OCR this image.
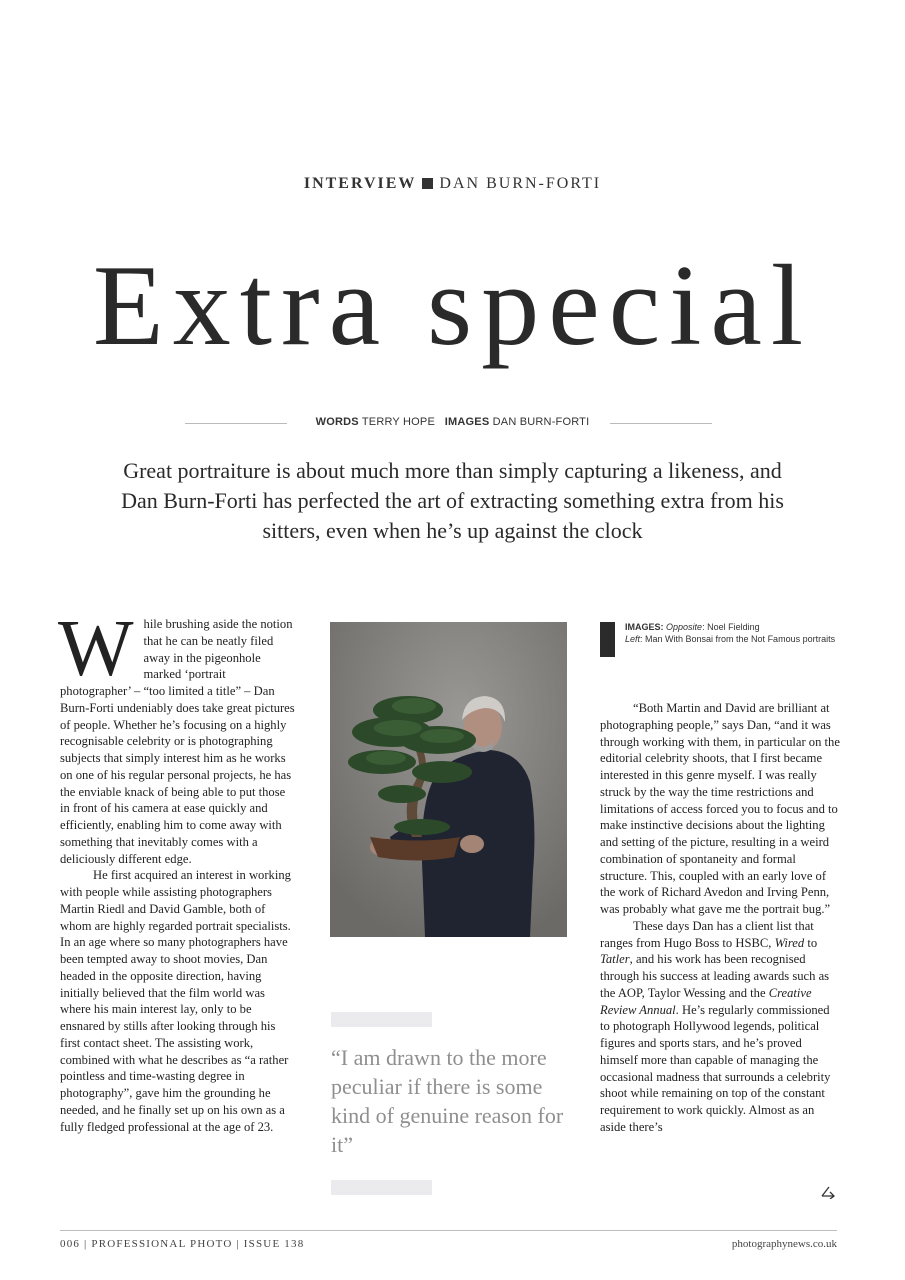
INTERVIEW DAN BURN-FORTI
Extra special
WORDS TERRY HOPE IMAGES DAN BURN-FORTI

Great portraiture is about much more than simply capturing a likeness, and Dan Burn-Forti has perfected the art of extracting something extra from his sitters, even when he’s up against the clock

While brushing aside the notion that he can be neatly filed away in the pigeonhole marked ‘portrait photographer’ – “too limited a title” – Dan Burn-Forti undeniably does take great pictures of people. Whether he’s focusing on a highly recognisable celebrity or is photographing subjects that simply interest him as he works on one of his regular personal projects, he has the enviable knack of being able to put those in front of his camera at ease quickly and efficiently, enabling him to come away with something that inevitably comes with a deliciously different edge.

He first acquired an interest in working with people while assisting photographers Martin Riedl and David Gamble, both of whom are highly regarded portrait specialists. In an age where so many photographers have been tempted away to shoot movies, Dan headed in the opposite direction, having initially believed that the film world was where his main interest lay, only to be ensnared by stills after looking through his first contact sheet. The assisting work, combined with what he describes as “a rather pointless and time-wasting degree in photography”, gave him the grounding he needed, and he finally set up on his own as a fully fledged professional at the age of 23.

“I am drawn to the more peculiar if there is some kind of genuine reason for it”

IMAGES: Opposite: Noel Fielding
Left: Man With Bonsai from the Not Famous portraits

“Both Martin and David are brilliant at photographing people,” says Dan, “and it was through working with them, in particular on the editorial celebrity shoots, that I first became interested in this genre myself. I was really struck by the way the time restrictions and limitations of access forced you to focus and to make instinctive decisions about the lighting and setting of the picture, resulting in a weird combination of spontaneity and formal structure. This, coupled with an early love of the work of Richard Avedon and Irving Penn, was probably what gave me the portrait bug.”

These days Dan has a client list that ranges from Hugo Boss to HSBC, Wired to Tatler, and his work has been recognised through his success at leading awards such as the AOP, Taylor Wessing and the Creative Review Annual. He’s regularly commissioned to photograph Hollywood legends, political figures and sports stars, and he’s proved himself more than capable of managing the occasional madness that surrounds a celebrity shoot while remaining on top of the constant requirement to work quickly. Almost as an aside there’s

006 | PROFESSIONAL PHOTO | ISSUE 138	photographynews.co.uk
